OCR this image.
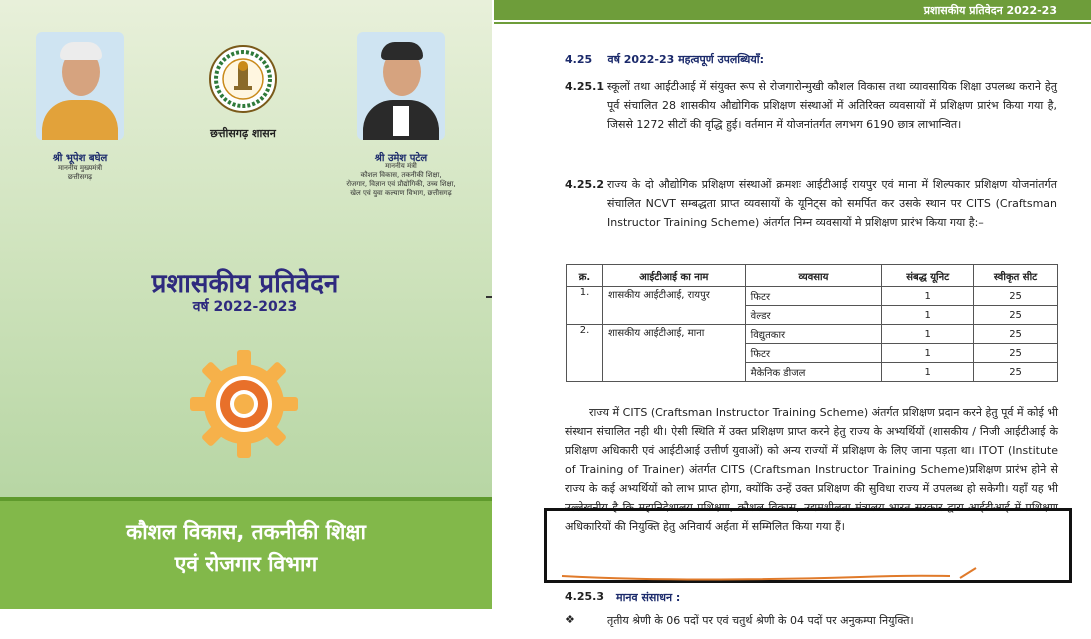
श्री भूपेश बघेल
माननीय मुख्यमंत्री
छत्तीसगढ़
छत्तीसगढ़ शासन
श्री उमेश पटेल
माननीय मंत्री
कौशल विकास, तकनीकी शिक्षा,
रोजगार, विज्ञान एवं प्रौद्योगिकी, उच्च शिक्षा,
खेल एवं युवा कल्याण विभाग, छत्तीसगढ़
प्रशासकीय प्रतिवेदन
वर्ष 2022-2023
कौशल विकास, तकनीकी शिक्षा
एवं रोजगार विभाग
प्रशासकीय प्रतिवेदन 2022-23
4.25 वर्ष 2022-23 महत्वपूर्ण उपलब्धियाँ:
4.25.1 स्कूलों तथा आईटीआई में संयुक्त रूप से रोजगारोन्मुखी कौशल विकास तथा व्यावसायिक शिक्षा उपलब्ध कराने हेतु पूर्व संचालित 28 शासकीय औद्योगिक प्रशिक्षण संस्थाओं में अतिरिक्त व्यवसायों में प्रशिक्षण प्रारंभ किया गया है, जिससे 1272 सीटों की वृद्धि हुई। वर्तमान में योजनांतर्गत लगभग 6190 छात्र लाभान्वित।
4.25.2 राज्य के दो औद्योगिक प्रशिक्षण संस्थाओं क्रमशः आईटीआई रायपुर एवं माना में शिल्पकार प्रशिक्षण योजनांतर्गत संचालित NCVT सम्बद्धता प्राप्त व्यवसायों के यूनिट्स को समर्पित कर उसके स्थान पर CITS (Craftsman Instructor Training Scheme) अंतर्गत निम्न व्यवसायों मे प्रशिक्षण प्रारंभ किया गया है:–
क्र.	आईटीआई का नाम	व्यवसाय	संबद्ध यूनिट	स्वीकृत सीट
1.	शासकीय आईटीआई, रायपुर	फिटर	1	25
		वेल्डर	1	25
2.	शासकीय आईटीआई, माना	विद्युतकार	1	25
		फिटर	1	25
		मैकेनिक डीजल	1	25
राज्य में CITS (Craftsman Instructor Training Scheme) अंतर्गत प्रशिक्षण प्रदान करने हेतु पूर्व में कोई भी संस्थान संचालित नही थी। ऐसी स्थिति में उक्त प्रशिक्षण प्राप्त करने हेतु राज्य के अभ्यर्थियों (शासकीय / निजी आईटीआई के प्रशिक्षण अधिकारी एवं आईटीआई उत्तीर्ण युवाओं) को अन्य राज्यों में प्रशिक्षण के लिए जाना पड़ता था। ITOT (Institute of Training of Trainer) अंतर्गत CITS (Craftsman Instructor Training Scheme)प्रशिक्षण प्रारंभ होने से राज्य के कई अभ्यर्थियों को लाभ प्राप्त होगा, क्योंकि उन्हें उक्त प्रशिक्षण की सुविधा राज्य में उपलब्ध हो सकेगी। यहाँ यह भी उल्लेखनीय है कि महानिदेशालय प्रशिक्षण, कौशल विकास, उद्यमशीलता मंत्रालय भारत सरकार द्वारा आईटीआई में प्रशिक्षण अधिकारियों की नियुक्ति हेतु अनिवार्य अर्हता में सम्मिलित किया गया हैं।
4.25.3 मानव संसाधन :
❖	तृतीय श्रेणी के 06 पदों पर एवं चतुर्थ श्रेणी के 04 पदों पर अनुकम्पा नियुक्ति।
